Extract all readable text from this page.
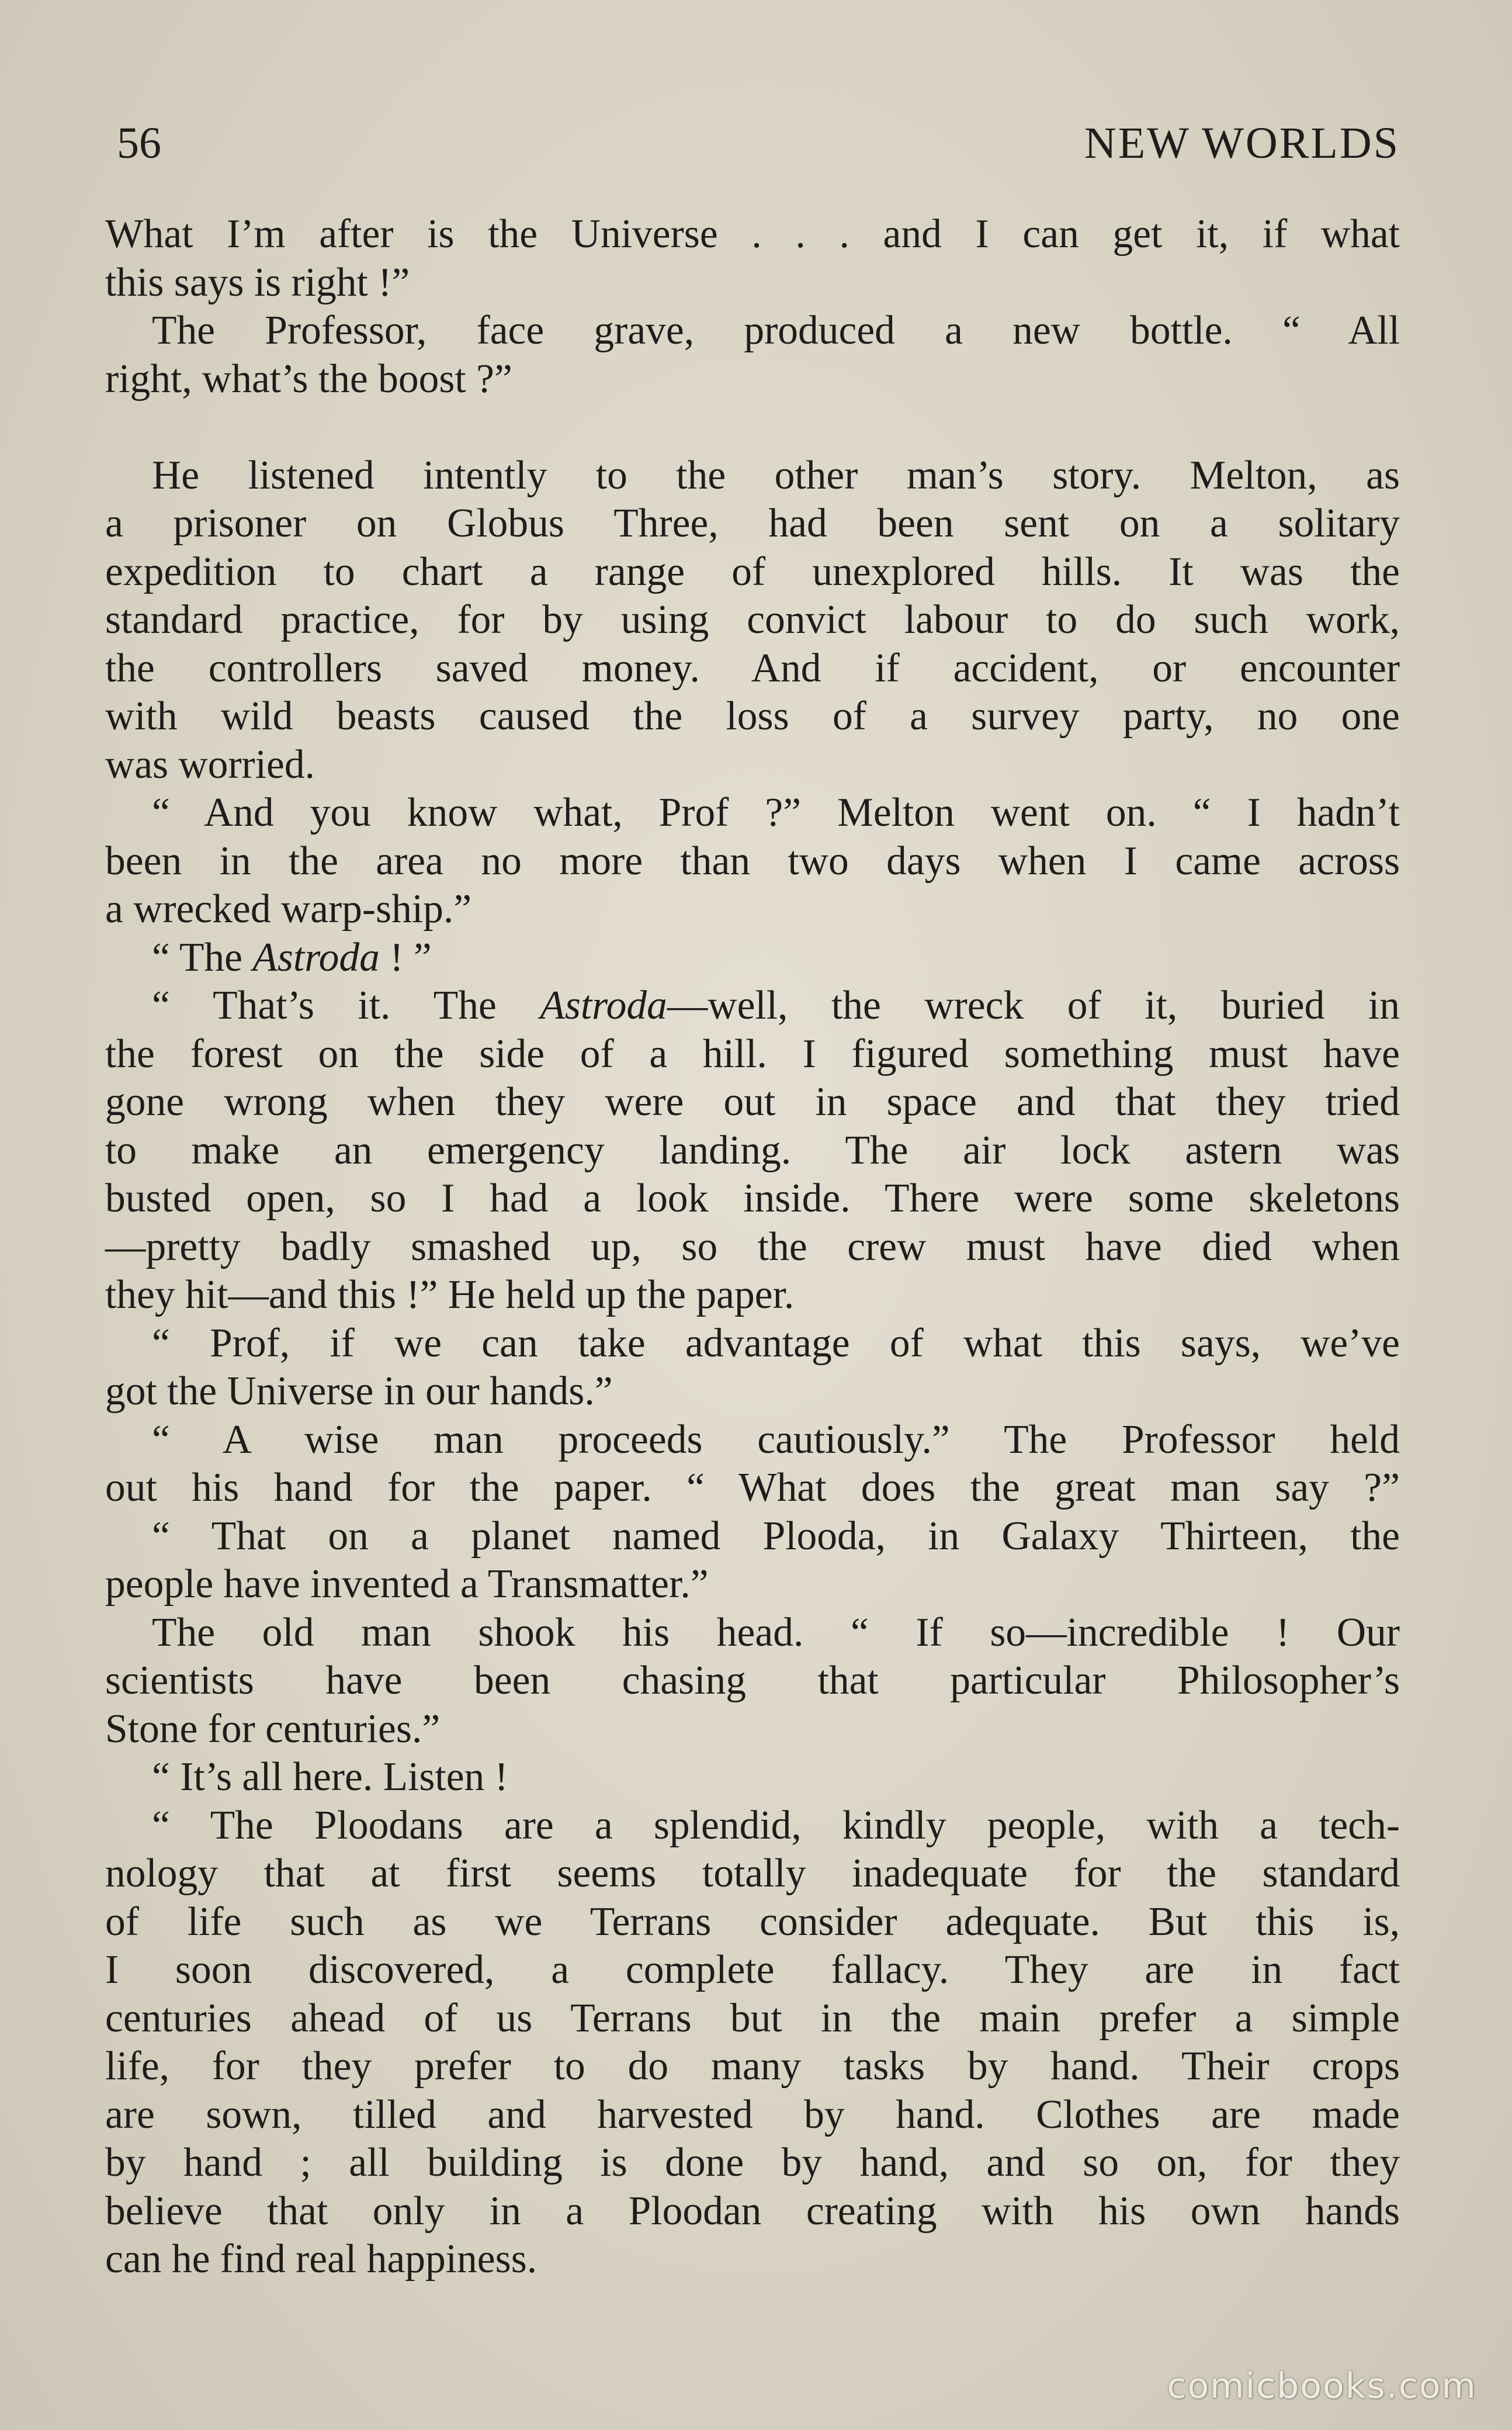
56	NEW WORLDS
What I’m after is the Universe . . . and I can get it, if what
this says is right !”
The Professor, face grave, produced a new bottle. “ All
right, what’s the boost ?”
He listened intently to the other man’s story. Melton, as
a prisoner on Globus Three, had been sent on a solitary
expedition to chart a range of unexplored hills. It was the
standard practice, for by using convict labour to do such work,
the controllers saved money. And if accident, or encounter
with wild beasts caused the loss of a survey party, no one
was worried.
“ And you know what, Prof ?” Melton went on. “ I hadn’t
been in the area no more than two days when I came across
a wrecked warp-ship.”
“ The Astroda ! ”
“ That’s it. The Astroda—well, the wreck of it, buried in
the forest on the side of a hill. I figured something must have
gone wrong when they were out in space and that they tried
to make an emergency landing. The air lock astern was
busted open, so I had a look inside. There were some skeletons
—pretty badly smashed up, so the crew must have died when
they hit—and this !” He held up the paper.
“ Prof, if we can take advantage of what this says, we’ve
got the Universe in our hands.”
“ A wise man proceeds cautiously.” The Professor held
out his hand for the paper. “ What does the great man say ?”
“ That on a planet named Plooda, in Galaxy Thirteen, the
people have invented a Transmatter.”
The old man shook his head. “ If so—incredible ! Our
scientists have been chasing that particular Philosopher’s
Stone for centuries.”
“ It’s all here. Listen !
“ The Ploodans are a splendid, kindly people, with a tech-
nology that at first seems totally inadequate for the standard
of life such as we Terrans consider adequate. But this is,
I soon discovered, a complete fallacy. They are in fact
centuries ahead of us Terrans but in the main prefer a simple
life, for they prefer to do many tasks by hand. Their crops
are sown, tilled and harvested by hand. Clothes are made
by hand ; all building is done by hand, and so on, for they
believe that only in a Ploodan creating with his own hands
can he find real happiness.
comicbooks.com
